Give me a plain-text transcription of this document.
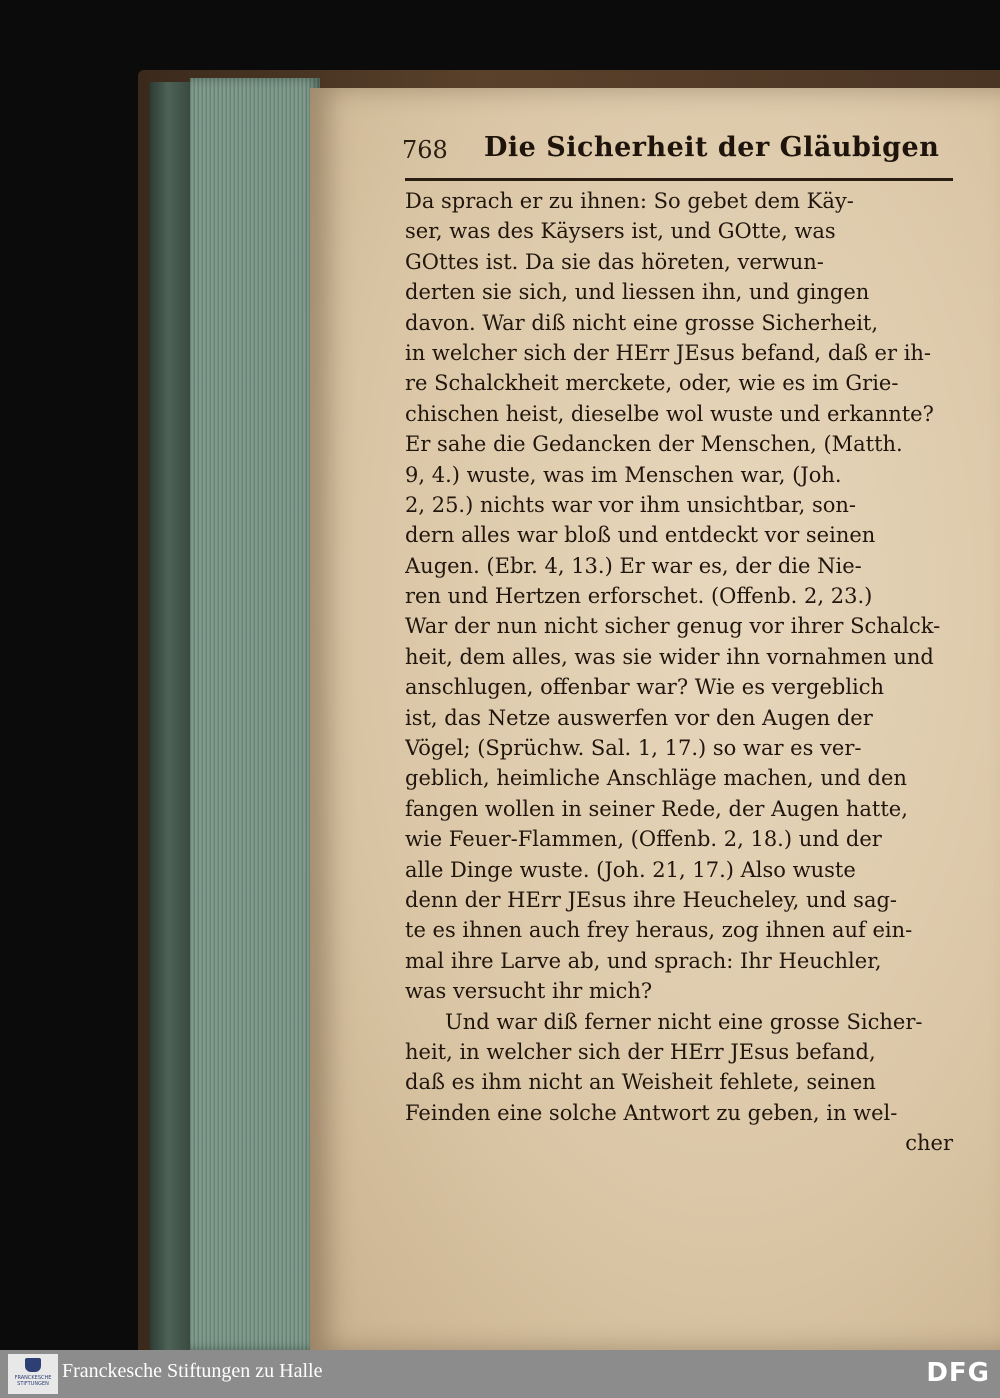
768 Die Sicherheit der Gläubigen
Da sprach er zu ihnen: So gebet dem Käy-
ser, was des Käysers ist, und GOtte, was
GOttes ist. Da sie das höreten, verwun-
derten sie sich, und liessen ihn, und gingen
davon. War diß nicht eine grosse Sicherheit,
in welcher sich der HErr JEsus befand, daß er ih-
re Schalckheit merckete, oder, wie es im Grie-
chischen heist, dieselbe wol wuste und erkannte?
Er sahe die Gedancken der Menschen, (Matth.
9, 4.) wuste, was im Menschen war, (Joh.
2, 25.) nichts war vor ihm unsichtbar, son-
dern alles war bloß und entdeckt vor seinen
Augen. (Ebr. 4, 13.) Er war es, der die Nie-
ren und Hertzen erforschet. (Offenb. 2, 23.)
War der nun nicht sicher genug vor ihrer Schalck-
heit, dem alles, was sie wider ihn vornahmen und
anschlugen, offenbar war? Wie es vergeblich
ist, das Netze auswerfen vor den Augen der
Vögel; (Sprüchw. Sal. 1, 17.) so war es ver-
geblich, heimliche Anschläge machen, und den
fangen wollen in seiner Rede, der Augen hatte,
wie Feuer-Flammen, (Offenb. 2, 18.) und der
alle Dinge wuste. (Joh. 21, 17.) Also wuste
denn der HErr JEsus ihre Heucheley, und sag-
te es ihnen auch frey heraus, zog ihnen auf ein-
mal ihre Larve ab, und sprach: Ihr Heuchler,
was versucht ihr mich?
Und war diß ferner nicht eine grosse Sicher-
heit, in welcher sich der HErr JEsus befand,
daß es ihm nicht an Weisheit fehlete, seinen
Feinden eine solche Antwort zu geben, in wel-
cher
FRANCKESCHE STIFTUNGEN
Franckesche Stiftungen zu Halle	DFG
